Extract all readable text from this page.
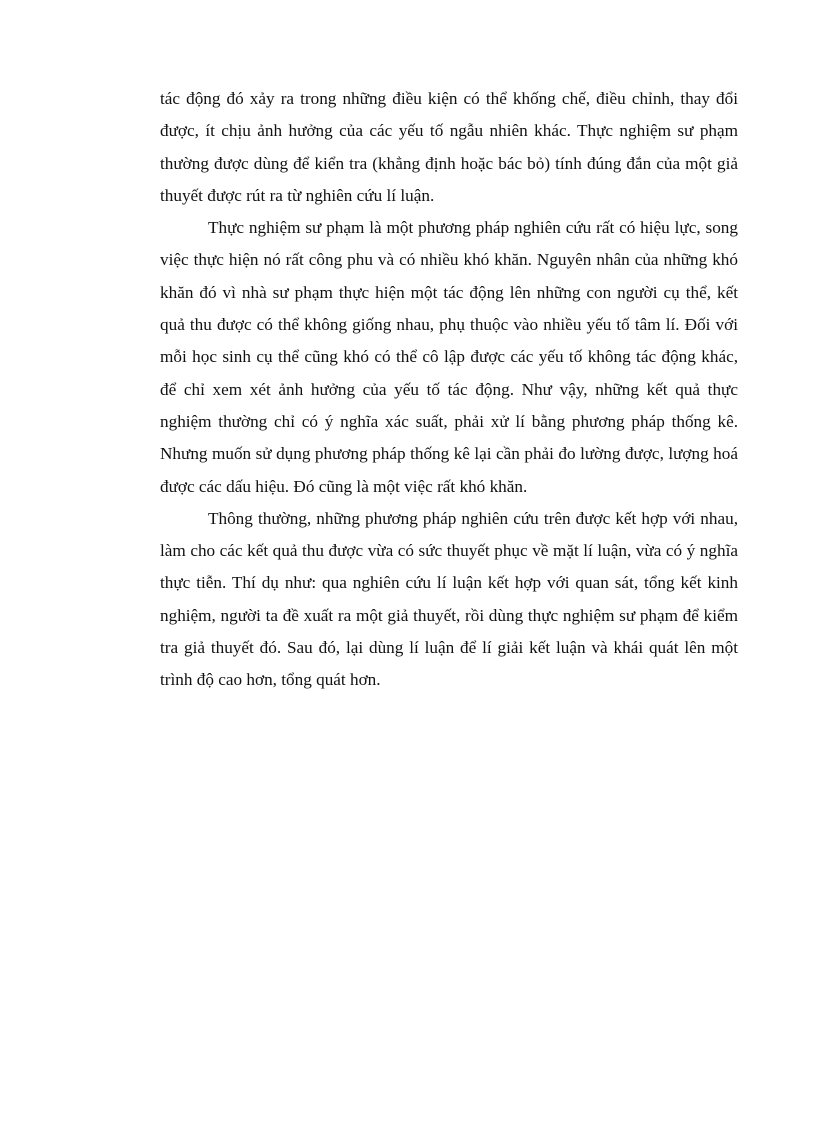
tác động đó xảy ra trong những điều kiện có thể khống chế, điều chỉnh, thay đổi được, ít chịu ảnh hưởng của các yếu tố ngẫu nhiên khác. Thực nghiệm sư phạm thường được dùng để kiển tra (khẳng định hoặc bác bỏ) tính đúng đắn của một giả thuyết được rút ra từ nghiên cứu lí luận.

Thực nghiệm sư phạm là một phương pháp nghiên cứu rất có hiệu lực, song việc thực hiện nó rất công phu và có nhiều khó khăn. Nguyên nhân của những khó khăn đó vì nhà sư phạm thực hiện một tác động lên những con người cụ thể, kết quả thu được có thể không giống nhau, phụ thuộc vào nhiều yếu tố tâm lí. Đối với mỗi học sinh cụ thể cũng khó có thể cô lập được các yếu tố không tác động khác, để chỉ xem xét ảnh hưởng của yếu tố tác động. Như vậy, những kết quả thực nghiệm thường chỉ có ý nghĩa xác suất, phải xử lí bằng phương pháp thống kê. Nhưng muốn sử dụng phương pháp thống kê lại cần phải đo lường được, lượng hoá được các dấu hiệu. Đó cũng là một việc rất khó khăn.

Thông thường, những phương pháp nghiên cứu trên được kết hợp với nhau, làm cho các kết quả thu được vừa có sức thuyết phục về mặt lí luận, vừa có ý nghĩa thực tiễn. Thí dụ như: qua nghiên cứu lí luận kết hợp với quan sát, tổng kết kinh nghiệm, người ta đề xuất ra một giả thuyết, rồi dùng thực nghiệm sư phạm để kiểm tra giả thuyết đó. Sau đó, lại dùng lí luận để lí giải kết luận và khái quát lên một trình độ cao hơn, tổng quát hơn.
